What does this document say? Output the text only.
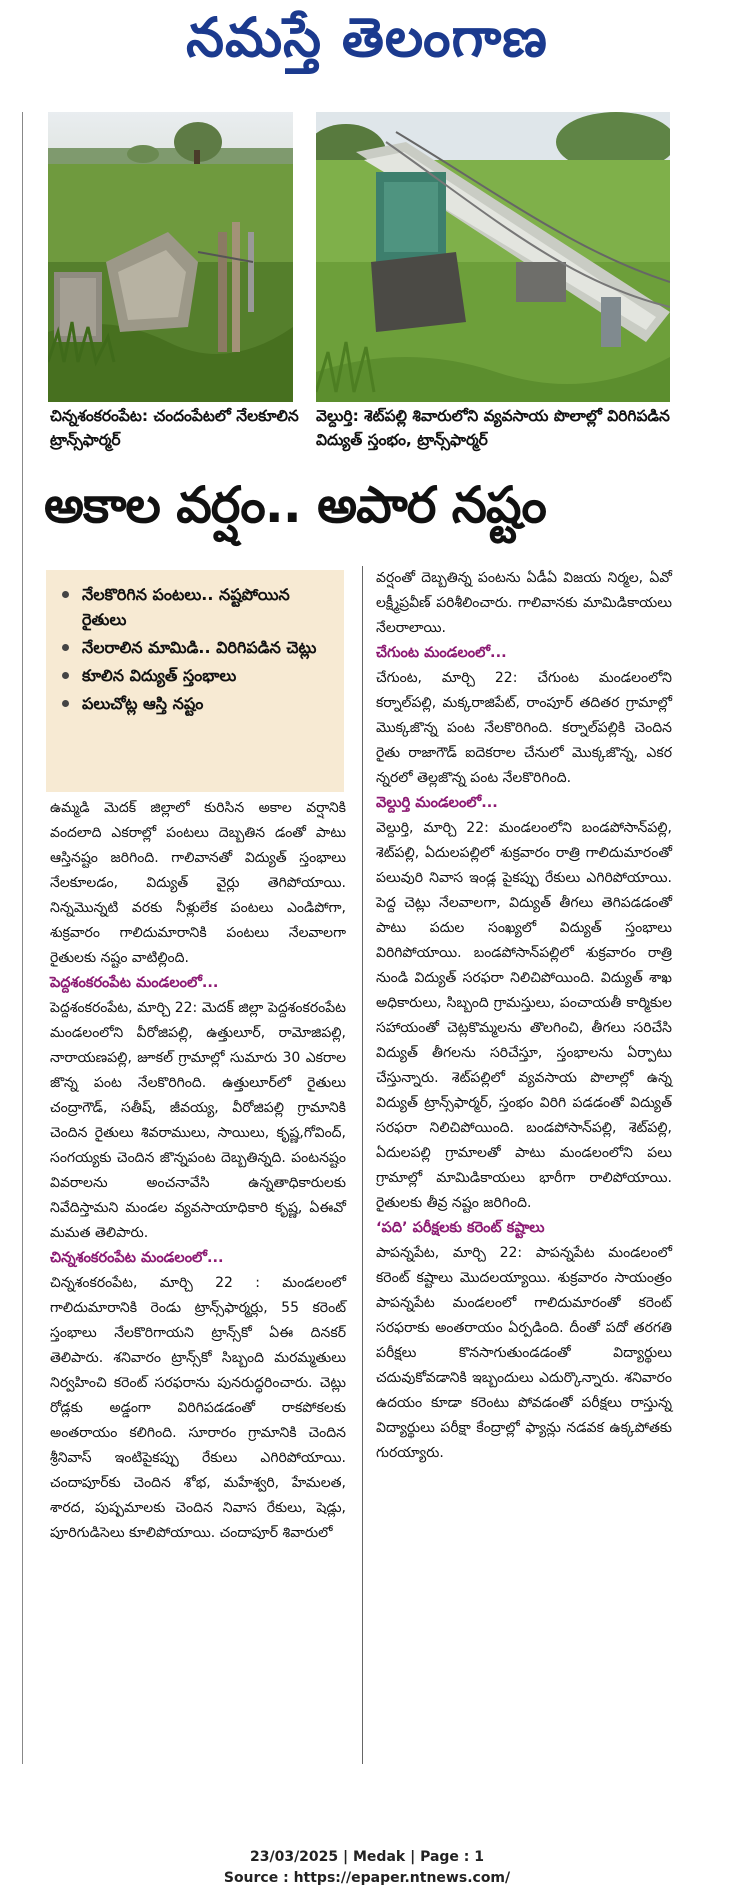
నమస్తే తెలంగాణ
చిన్నశంకరంపేట: చందంపేటలో నేలకూలిన ట్రాన్స్‌ఫార్మర్
వెల్దుర్తి: శెట్‌పల్లి శివారులోని వ్యవసాయ పొలాల్లో విరిగిపడిన విద్యుత్ స్తంభం, ట్రాన్స్‌ఫార్మర్
అకాల వర్షం.. అపార నష్టం
నేలకొరిగిన పంటలు.. నష్టపోయిన రైతులు
నేలరాలిన మామిడి.. విరిగిపడిన చెట్లు
కూలిన విద్యుత్ స్తంభాలు
పలుచోట్ల ఆస్తి నష్టం

ఉమ్మడి మెదక్ జిల్లాలో కురిసిన అకాల వర్షానికి వందలాది ఎకరాల్లో పంటలు దెబ్బతిన డంతో పాటు ఆస్తినష్టం జరిగింది. గాలివానతో విద్యుత్ స్తంభాలు నేలకూలడం, విద్యుత్ వైర్లు తెగిపోయాయి. నిన్నమొన్నటి వరకు నీళ్లులేక పంటలు ఎండిపోగా, శుక్రవారం గాలిదుమారానికి పంటలు నేలవాలగా రైతులకు నష్టం వాటిల్లింది.

పెద్దశంకరంపేట మండలంలో...

పెద్దశంకరంపేట, మార్చి 22: మెదక్ జిల్లా పెద్దశంకరంపేట మండలంలోని వీరోజిపల్లి, ఉత్తులూర్, రామోజిపల్లి, నారాయణపల్లి, జూకల్ గ్రామాల్లో సుమారు 30 ఎకరాల జొన్న పంట నేలకొరిగింది. ఉత్తులూర్‌లో రైతులు చంద్రాగౌడ్, సతీష్, జీవయ్య, వీరోజిపల్లి గ్రామానికి చెందిన రైతులు శివరాములు, సాయిలు, కృష్ణ,గోవింద్, సంగయ్యకు చెందిన జొన్నపంట దెబ్బతిన్నది. పంటనష్టం వివరాలను అంచనావేసి ఉన్నతాధికారులకు నివేదిస్తామని మండల వ్యవసాయాధికారి కృష్ణ, ఏఈవో మమత తెలిపారు.

చిన్నశంకరంపేట మండలంలో...

చిన్నశంకరంపేట, మార్చి 22 : మండలంలో గాలిదుమారానికి రెండు ట్రాన్స్‌ఫార్మర్లు, 55 కరెంట్ స్తంభాలు నేలకొరిగాయని ట్రాన్స్‌కో ఏఈ దినకర్ తెలిపారు. శనివారం ట్రాన్స్‌కో సిబ్బంది మరమ్మతులు నిర్వహించి కరెంట్ సరఫరాను పునరుద్ధరించారు. చెట్లు రోడ్లకు అడ్డంగా విరిగిపడడంతో రాకపోకలకు అంతరాయం కలిగింది. సూరారం గ్రామానికి చెందిన శ్రీనివాస్ ఇంటిపైకప్పు రేకులు ఎగిరిపోయాయి. చందాపూర్‌కు చెందిన శోభ, మహేశ్వరి, హేమలత, శారద, పుష్పమాలకు చెందిన నివాస రేకులు, షెడ్లు, పూరిగుడిసెలు కూలిపోయాయి. చందాపూర్ శివారులో

వర్షంతో దెబ్బతిన్న పంటను ఏడీఏ విజయ నిర్మల, ఏవో లక్ష్మీప్రవీణ్ పరిశీలించారు. గాలివానకు మామిడికాయలు నేలరాలాయి.

చేగుంట మండలంలో...

చేగుంట, మార్చి 22: చేగుంట మండలంలోని కర్నాల్‌పల్లి, మక్కరాజిపేట్, రాంపూర్ తదితర గ్రామాల్లో మొక్కజొన్న పంట నేలకొరిగింది. కర్నాల్‌పల్లికి చెందిన రైతు రాజాగౌడ్ ఐదెకరాల చేనులో మొక్కజొన్న, ఎకర న్నరలో తెల్లజొన్న పంట నేలకొరిగింది.

వెల్దుర్తి మండలంలో...

వెల్దుర్తి, మార్చి 22: మండలంలోని బండపోసాన్‌పల్లి, శెట్‌పల్లి, ఏదులపల్లిలో శుక్రవారం రాత్రి గాలిదుమారంతో పలువురి నివాస ఇండ్ల పైకప్పు రేకులు ఎగిరిపోయాయి. పెద్ద చెట్లు నేలవాలగా, విద్యుత్ తీగలు తెగిపడడంతో పాటు పదుల సంఖ్యలో విద్యుత్ స్తంభాలు విరిగిపోయాయి. బండపోసాన్‌పల్లిలో శుక్రవారం రాత్రి నుండి విద్యుత్ సరఫరా నిలిచిపోయింది. విద్యుత్ శాఖ అధికారులు, సిబ్బంది గ్రామస్తులు, పంచాయతీ కార్మికుల సహాయంతో చెట్లకొమ్మలను తొలగించి, తీగలు సరిచేసి విద్యుత్ తీగలను సరిచేస్తూ, స్తంభాలను ఏర్పాటు చేస్తున్నారు. శెట్‌పల్లిలో వ్యవసాయ పొలాల్లో ఉన్న విద్యుత్ ట్రాన్స్‌ఫార్మర్, స్తంభం విరిగి పడడంతో విద్యుత్ సరఫరా నిలిచిపోయింది. బండపోసాన్‌పల్లి, శెట్‌పల్లి, ఏదులపల్లి గ్రామాలతో పాటు మండలంలోని పలు గ్రామాల్లో మామిడికాయలు భారీగా రాలిపోయాయి. రైతులకు తీవ్ర నష్టం జరిగింది.

‘పది’ పరీక్షలకు కరెంట్ కష్టాలు

పాపన్నపేట, మార్చి 22: పాపన్నపేట మండలంలో కరెంట్ కష్టాలు మొదలయ్యాయి. శుక్రవారం సాయంత్రం పాపన్నపేట మండలంలో గాలిదుమారంతో కరెంట్ సరఫరాకు అంతరాయం ఏర్పడింది. దీంతో పదో తరగతి పరీక్షలు కొనసాగుతుండడంతో విద్యార్థులు చదువుకోవడానికి ఇబ్బందులు ఎదుర్కొన్నారు. శనివారం ఉదయం కూడా కరెంటు పోవడంతో పరీక్షలు రాస్తున్న విద్యార్థులు పరీక్షా కేంద్రాల్లో ఫ్యాన్లు నడవక ఉక్కపోతకు గురయ్యారు.

23/03/2025 | Medak | Page : 1
Source : https://epaper.ntnews.com/
